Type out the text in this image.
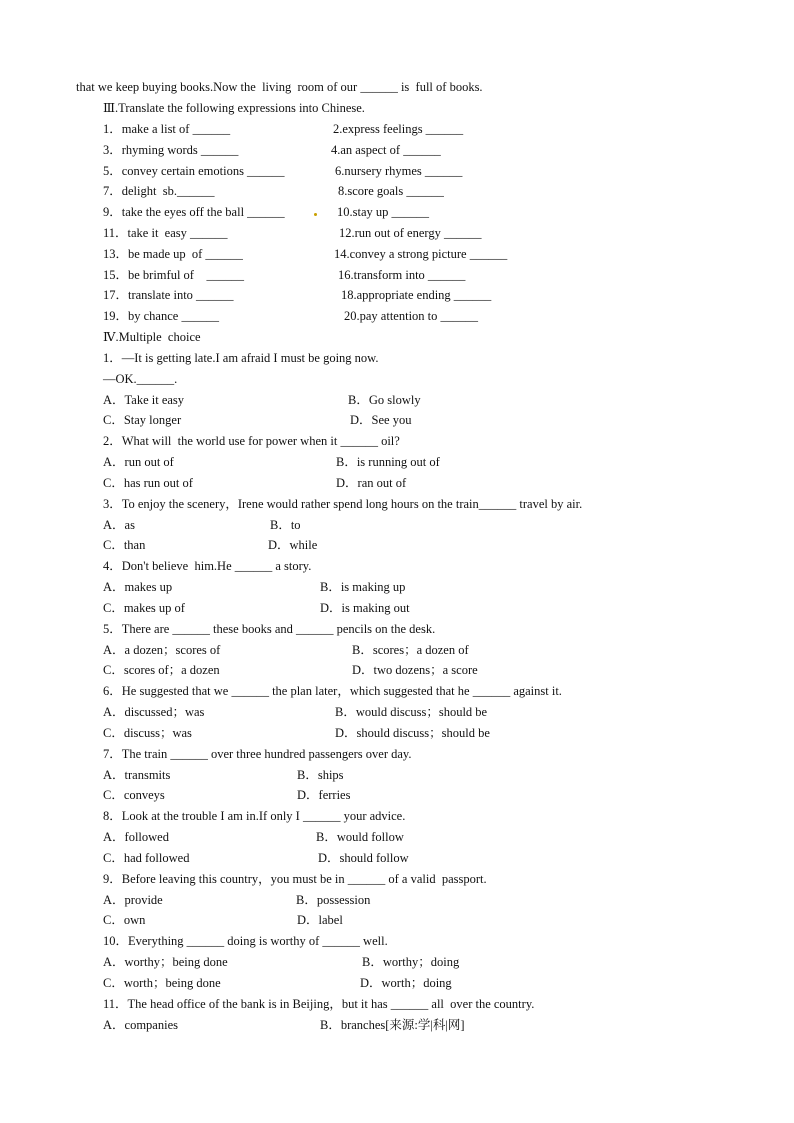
that we keep buying books.Now the  living  room of our ______ is  full of books.
Ⅲ.Translate the following expressions into Chinese.
1．make a list of ______	2.express feelings ______
3．rhyming words ______	4.an aspect of ______
5．convey certain emotions ______	6.nursery rhymes ______
7．delight  sb.______	8.score goals ______
9．take the eyes off the ball ______	10.stay up ______
11．take it  easy ______	12.run out of energy ______
13．be made up  of ______	14.convey a strong picture ______
15．be brimful of    ______	16.transform into ______
17．translate into ______	18.appropriate ending ______
19．by chance ______	20.pay attention to ______
Ⅳ.Multiple  choice
1．—It is getting late.I am afraid I must be going now.
—OK.______.
A．Take it easy	B．Go slowly
C．Stay longer	D．See you
2．What will  the world use for power when it ______ oil?
A．run out of	B．is running out of
C．has run out of	D．ran out of
3．To enjoy the scenery，Irene would rather spend long hours on the train______ travel by air.
A．as	B．to
C．than	D．while
4．Don't believe  him.He ______ a story.
A．makes up	B．is making up
C．makes up of	D．is making out
5．There are ______ these books and ______ pencils on the desk.
A．a dozen；scores of	B．scores；a dozen of
C．scores of；a dozen	D．two dozens；a score
6．He suggested that we ______ the plan later，which suggested that he ______ against it.
A．discussed；was	B．would discuss；should be
C．discuss；was	D．should discuss；should be
7．The train ______ over three hundred passengers over day.
A．transmits	B．ships
C．conveys	D．ferries
8．Look at the trouble I am in.If only I ______ your advice.
A．followed	B．would follow
C．had followed	D．should follow
9．Before leaving this country，you must be in ______ of a valid  passport.
A．provide	B．possession
C．own	D．label
10．Everything ______ doing is worthy of ______ well.
A．worthy；being done	B．worthy；doing
C．worth；being done	D．worth；doing
11．The head office of the bank is in Beijing，but it has ______ all  over the country.
A．companies	B．branches[来源:学|科|网]
